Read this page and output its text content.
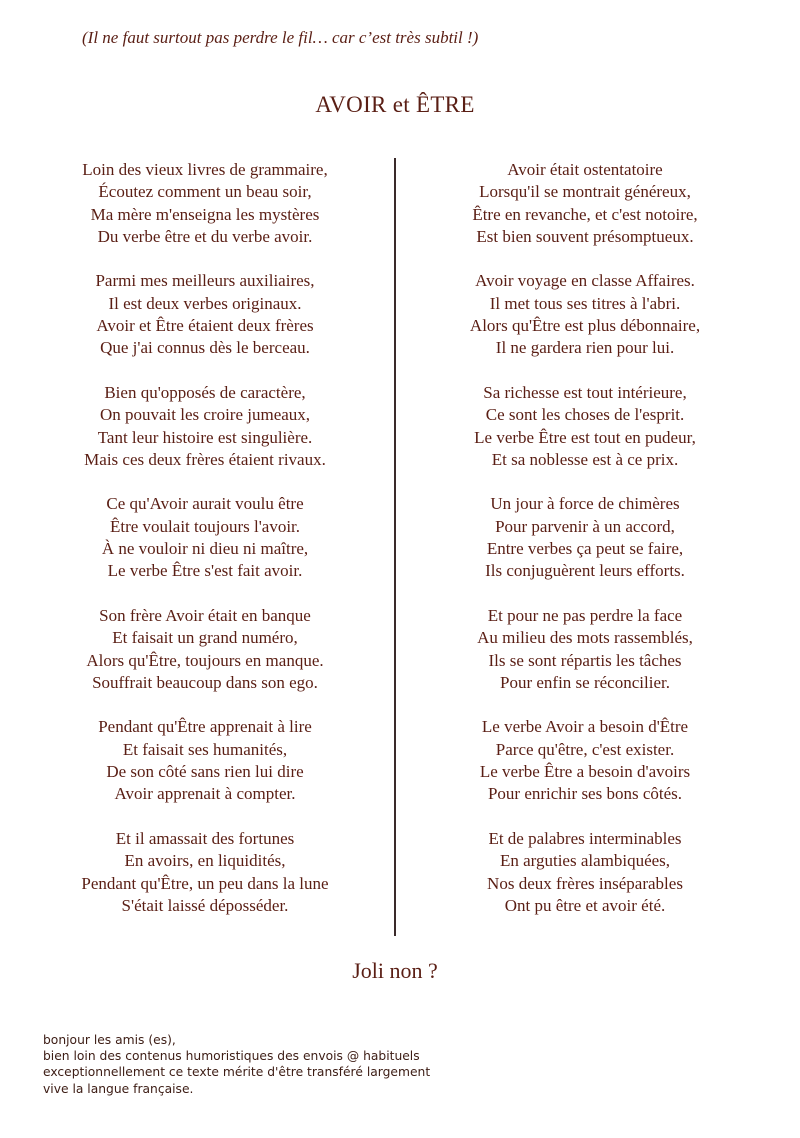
(Il ne faut surtout pas perdre le fil… car c’est très subtil !)
AVOIR et ÊTRE
Loin des vieux livres de grammaire,
Écoutez comment un beau soir,
Ma mère m'enseigna les mystères
Du verbe être et du verbe avoir.
Parmi mes meilleurs auxiliaires,
Il est deux verbes originaux.
Avoir et Être étaient deux frères
Que j'ai connus dès le berceau.
Bien qu'opposés de caractère,
On pouvait les croire jumeaux,
Tant leur histoire est singulière.
Mais ces deux frères étaient rivaux.
Ce qu'Avoir aurait voulu être
Être voulait toujours l'avoir.
À ne vouloir ni dieu ni maître,
Le verbe Être s'est fait avoir.
Son frère Avoir était en banque
Et faisait un grand numéro,
Alors qu'Être, toujours en manque.
Souffrait beaucoup dans son ego.
Pendant qu'Être apprenait à lire
Et faisait ses humanités,
De son côté sans rien lui dire
Avoir apprenait à compter.
Et il amassait des fortunes
En avoirs, en liquidités,
Pendant qu'Être, un peu dans la lune
S'était laissé déposséder.
Avoir était ostentatoire
Lorsqu'il se montrait généreux,
Être en revanche, et c'est notoire,
Est bien souvent présomptueux.
Avoir voyage en classe Affaires.
Il met tous ses titres à l'abri.
Alors qu'Être est plus débonnaire,
Il ne gardera rien pour lui.
Sa richesse est tout intérieure,
Ce sont les choses de l'esprit.
Le verbe Être est tout en pudeur,
Et sa noblesse est à ce prix.
Un jour à force de chimères
Pour parvenir à un accord,
Entre verbes ça peut se faire,
Ils conjuguèrent leurs efforts.
Et pour ne pas perdre la face
Au milieu des mots rassemblés,
Ils se sont répartis les tâches
Pour enfin se réconcilier.
Le verbe Avoir a besoin d'Être
Parce qu'être, c'est exister.
Le verbe Être a besoin d'avoirs
Pour enrichir ses bons côtés.
Et de palabres interminables
En arguties alambiquées,
Nos deux frères inséparables
Ont pu être et avoir été.
Joli non ?
bonjour les amis (es),
bien loin des contenus humoristiques des envois @ habituels
exceptionnellement ce texte mérite d'être transféré largement
vive la langue française.
